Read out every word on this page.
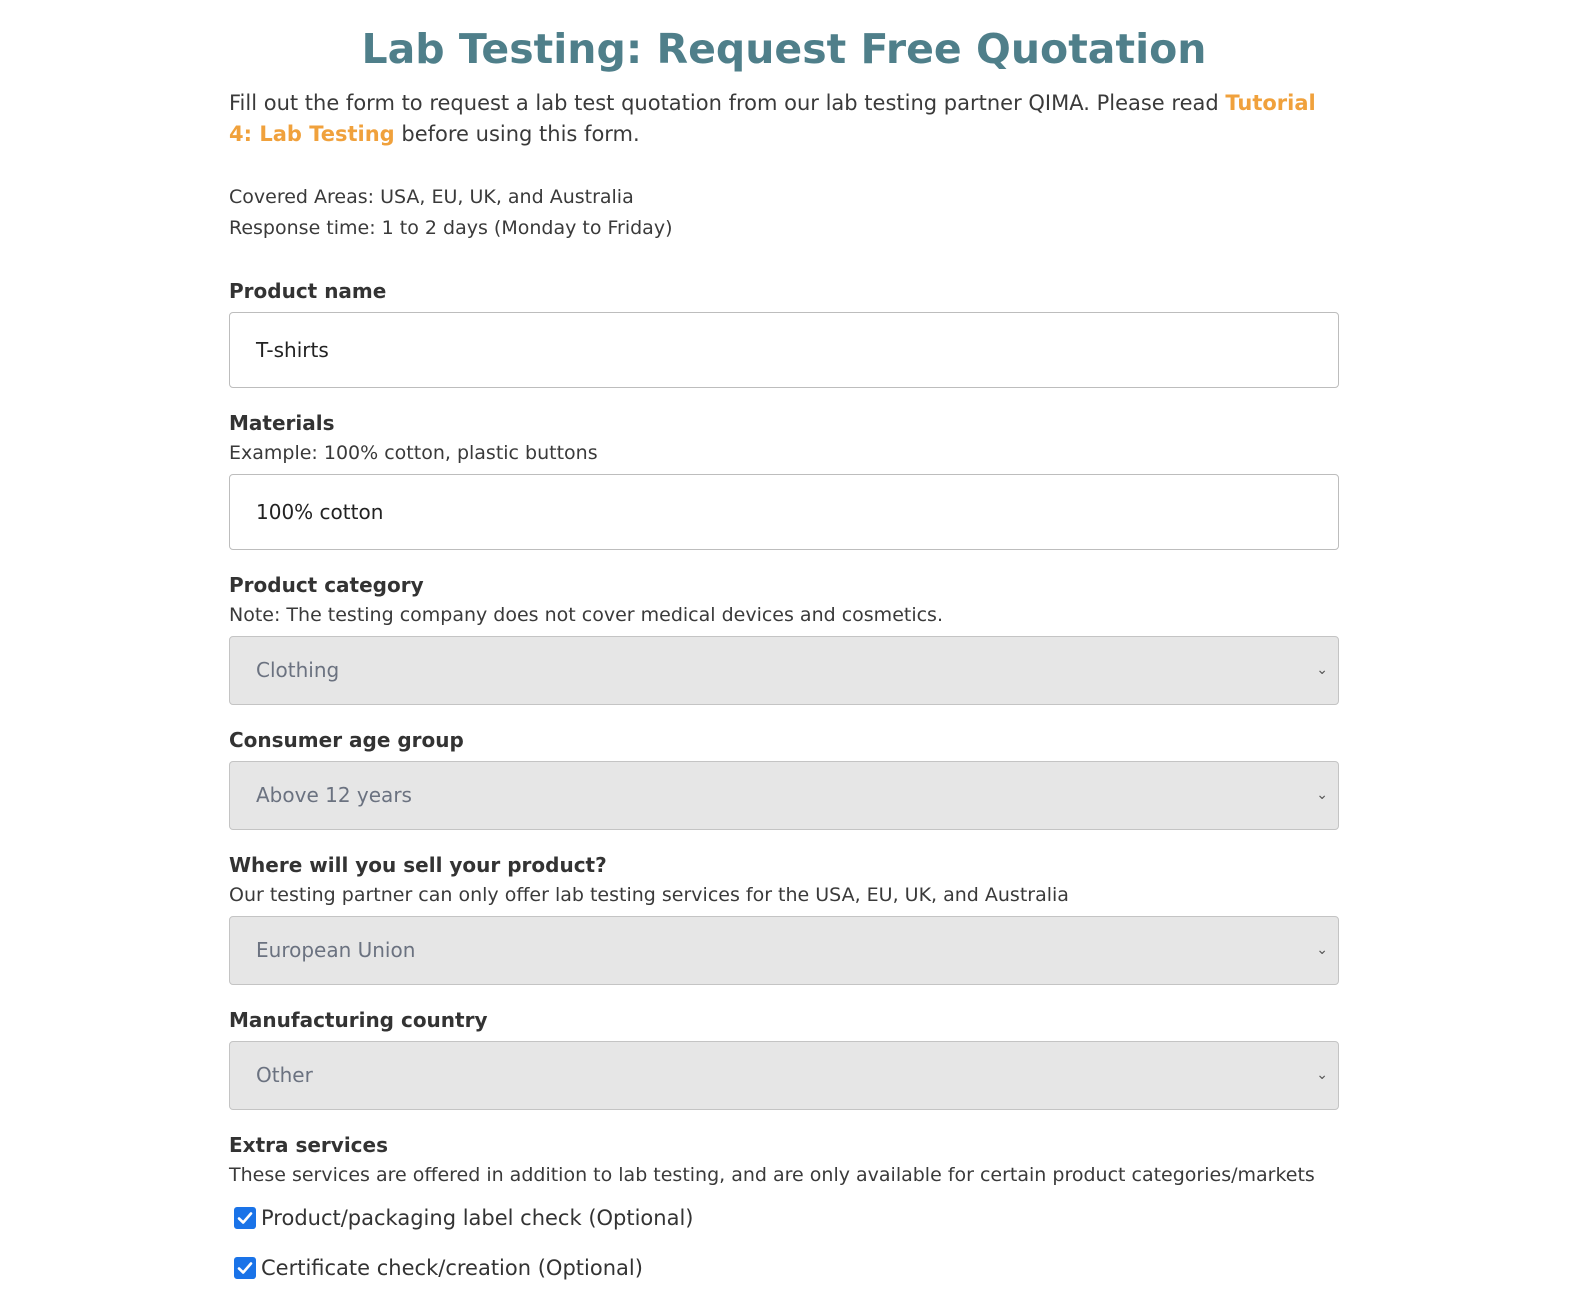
Lab Testing: Request Free Quotation

Fill out the form to request a lab test quotation from our lab testing partner QIMA. Please read Tutorial 4: Lab Testing before using this form.

Covered Areas: USA, EU, UK, and Australia
Response time: 1 to 2 days (Monday to Friday)
Product name
T-shirts
Materials
Example: 100% cotton, plastic buttons
100% cotton
Product category
Note: The testing company does not cover medical devices and cosmetics.
Clothing	⌄
Consumer age group
Above 12 years	⌄
Where will you sell your product?
Our testing partner can only offer lab testing services for the USA, EU, UK, and Australia
European Union	⌄
Manufacturing country
Other	⌄
Extra services
These services are offered in addition to lab testing, and are only available for certain product categories/markets
Product/packaging label check (Optional)
Certificate check/creation (Optional)
